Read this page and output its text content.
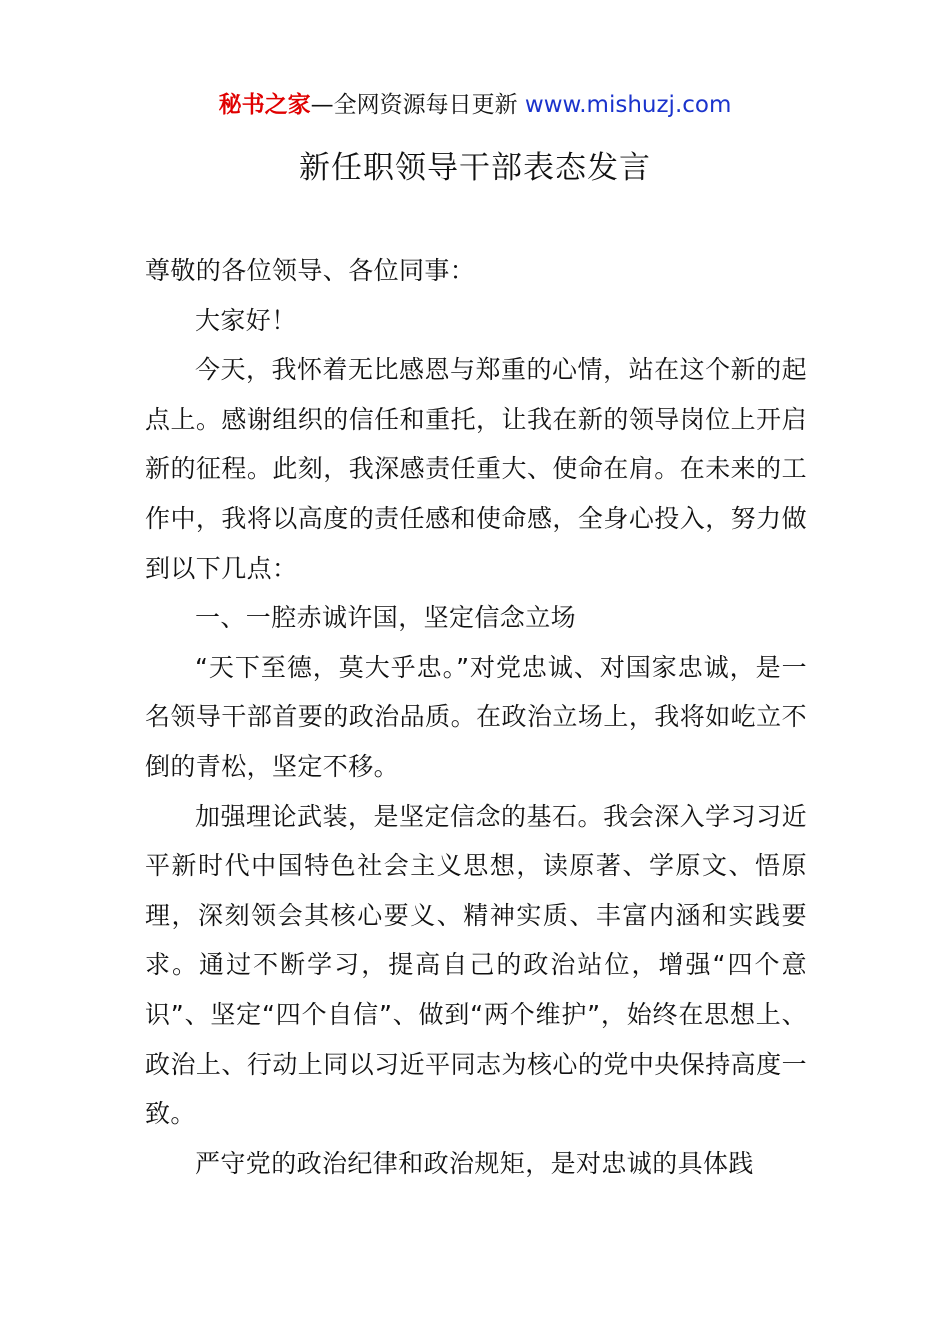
秘书之家—全网资源每日更新 www.mishuzj.com
新任职领导干部表态发言

尊敬的各位领导、各位同事：

大家好！

今天，我怀着无比感恩与郑重的心情，站在这个新的起点上。感谢组织的信任和重托，让我在新的领导岗位上开启新的征程。此刻，我深感责任重大、使命在肩。在未来的工作中，我将以高度的责任感和使命感，全身心投入，努力做到以下几点：

一、一腔赤诚许国，坚定信念立场

“天下至德，莫大乎忠。”对党忠诚、对国家忠诚，是一名领导干部首要的政治品质。在政治立场上，我将如屹立不倒的青松，坚定不移。

加强理论武装，是坚定信念的基石。我会深入学习习近平新时代中国特色社会主义思想，读原著、学原文、悟原理，深刻领会其核心要义、精神实质、丰富内涵和实践要求。通过不断学习，提高自己的政治站位，增强“四个意识”、坚定“四个自信”、做到“两个维护”，始终在思想上、政治上、行动上同以习近平同志为核心的党中央保持高度一致。

严守党的政治纪律和政治规矩，是对忠诚的具体践
